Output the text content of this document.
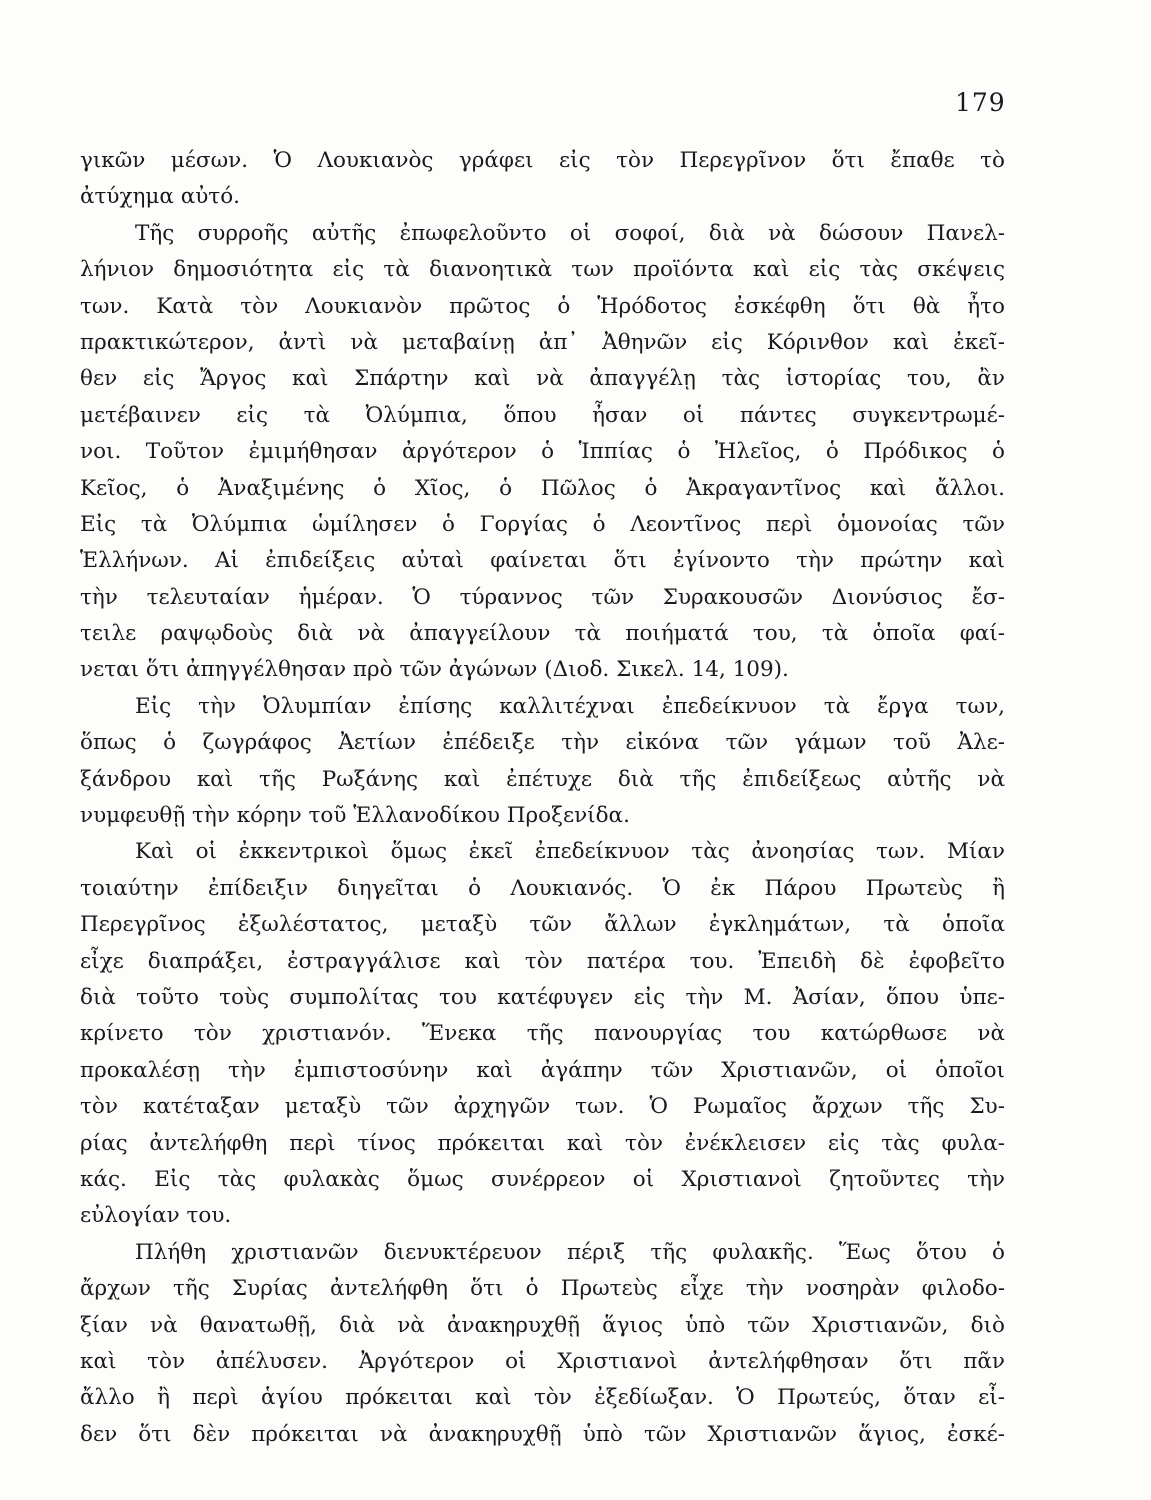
179
γικῶν μέσων. Ὁ Λουκιανὸς γράφει εἰς τὸν Περεγρῖνον ὅτι ἔπαθε τὸ
ἀτύχημα αὐτό.
Τῆς συρροῆς αὐτῆς ἐπωφελοῦντο οἱ σοφοί, διὰ νὰ δώσουν Πανελ-
λήνιον δημοσιότητα εἰς τὰ διανοητικὰ των προϊόντα καὶ εἰς τὰς σκέψεις
των. Κατὰ τὸν Λουκιανὸν πρῶτος ὁ Ἡρόδοτος ἐσκέφθη ὅτι θὰ ἦτο
πρακτικώτερον, ἀντὶ νὰ μεταβαίνῃ ἀπ᾿ Ἀθηνῶν εἰς Κόρινθον καὶ ἐκεῖ-
θεν εἰς Ἄργος καὶ Σπάρτην καὶ νὰ ἀπαγγέλῃ τὰς ἱστορίας του, ἂν
μετέβαινεν εἰς τὰ Ὀλύμπια, ὅπου ἦσαν οἱ πάντες συγκεντρωμέ-
νοι. Τοῦτον ἐμιμήθησαν ἀργότερον ὁ Ἱππίας ὁ Ἠλεῖος, ὁ Πρόδικος ὁ
Κεῖος, ὁ Ἀναξιμένης ὁ Χῖος, ὁ Πῶλος ὁ Ἀκραγαντῖνος καὶ ἄλλοι.
Εἰς τὰ Ὀλύμπια ὡμίλησεν ὁ Γοργίας ὁ Λεοντῖνος περὶ ὁμονοίας τῶν
Ἑλλήνων. Αἱ ἐπιδείξεις αὐταὶ φαίνεται ὅτι ἐγίνοντο τὴν πρώτην καὶ
τὴν τελευταίαν ἡμέραν. Ὁ τύραννος τῶν Συρακουσῶν Διονύσιος ἔσ-
τειλε ραψῳδοὺς διὰ νὰ ἀπαγγείλουν τὰ ποιήματά του, τὰ ὁποῖα φαί-
νεται ὅτι ἀπηγγέλθησαν πρὸ τῶν ἀγώνων (Διοδ. Σικελ. 14, 109).
Εἰς τὴν Ὀλυμπίαν ἐπίσης καλλιτέχναι ἐπεδείκνυον τὰ ἔργα των,
ὅπως ὁ ζωγράφος Ἀετίων ἐπέδειξε τὴν εἰκόνα τῶν γάμων τοῦ Ἀλε-
ξάνδρου καὶ τῆς Ρωξάνης καὶ ἐπέτυχε διὰ τῆς ἐπιδείξεως αὐτῆς νὰ
νυμφευθῇ τὴν κόρην τοῦ Ἑλλανοδίκου Προξενίδα.
Καὶ οἱ ἐκκεντρικοὶ ὅμως ἐκεῖ ἐπεδείκνυον τὰς ἀνοησίας των. Μίαν
τοιαύτην ἐπίδειξιν διηγεῖται ὁ Λουκιανός. Ὁ ἐκ Πάρου Πρωτεὺς ἢ
Περεγρῖνος ἐξωλέστατος, μεταξὺ τῶν ἄλλων ἐγκλημάτων, τὰ ὁποῖα
εἶχε διαπράξει, ἐστραγγάλισε καὶ τὸν πατέρα του. Ἐπειδὴ δὲ ἐφοβεῖτο
διὰ τοῦτο τοὺς συμπολίτας του κατέφυγεν εἰς τὴν Μ. Ἀσίαν, ὅπου ὑπε-
κρίνετο τὸν χριστιανόν. Ἕνεκα τῆς πανουργίας του κατώρθωσε νὰ
προκαλέσῃ τὴν ἐμπιστοσύνην καὶ ἀγάπην τῶν Χριστιανῶν, οἱ ὁποῖοι
τὸν κατέταξαν μεταξὺ τῶν ἀρχηγῶν των. Ὁ Ρωμαῖος ἄρχων τῆς Συ-
ρίας ἀντελήφθη περὶ τίνος πρόκειται καὶ τὸν ἐνέκλεισεν εἰς τὰς φυλα-
κάς. Εἰς τὰς φυλακὰς ὅμως συνέρρεον οἱ Χριστιανοὶ ζητοῦντες τὴν
εὐλογίαν του.
Πλήθη χριστιανῶν διενυκτέρευον πέριξ τῆς φυλακῆς. Ἕως ὅτου ὁ
ἄρχων τῆς Συρίας ἀντελήφθη ὅτι ὁ Πρωτεὺς εἶχε τὴν νοσηρὰν φιλοδο-
ξίαν νὰ θανατωθῇ, διὰ νὰ ἀνακηρυχθῇ ἅγιος ὑπὸ τῶν Χριστιανῶν, διὸ
καὶ τὸν ἀπέλυσεν. Ἀργότερον οἱ Χριστιανοὶ ἀντελήφθησαν ὅτι πᾶν
ἄλλο ἢ περὶ ἁγίου πρόκειται καὶ τὸν ἐξεδίωξαν. Ὁ Πρωτεύς, ὅταν εἶ-
δεν ὅτι δὲν πρόκειται νὰ ἀνακηρυχθῇ ὑπὸ τῶν Χριστιανῶν ἅγιος, ἐσκέ-
